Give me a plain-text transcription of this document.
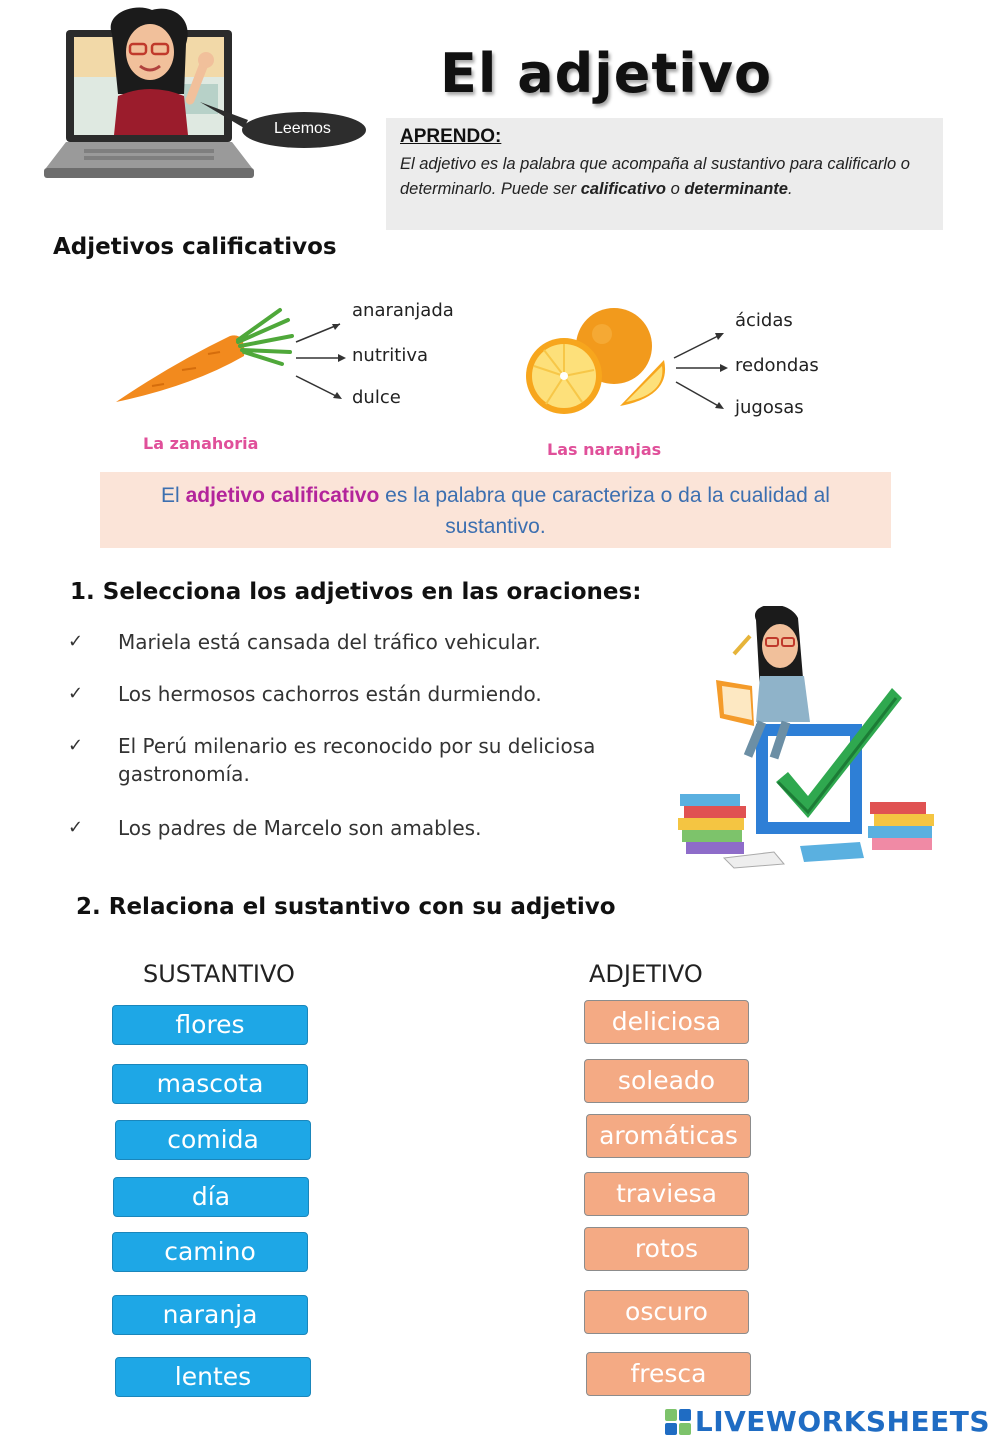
Leemos
El adjetivo
APRENDO:
El adjetivo es la palabra que acompaña al sustantivo para calificarlo o determinarlo. Puede ser calificativo o determinante.
Adjetivos calificativos
anaranjada
nutritiva
dulce
La zanahoria
ácidas
redondas
jugosas
Las naranjas
El adjetivo calificativo es la palabra que caracteriza o da la cualidad al sustantivo.
1. Selecciona los adjetivos en las oraciones:
✓ Mariela está cansada del tráfico vehicular.
✓ Los hermosos cachorros están durmiendo.
✓ El Perú milenario es reconocido por su deliciosa gastronomía.
✓ Los padres de Marcelo son amables.
2. Relaciona el sustantivo con su adjetivo
SUSTANTIVO	ADJETIVO
flores
mascota
comida
día
camino
naranja
lentes
deliciosa
soleado
aromáticas
traviesa
rotos
oscuro
fresca
LIVEWORKSHEETS
